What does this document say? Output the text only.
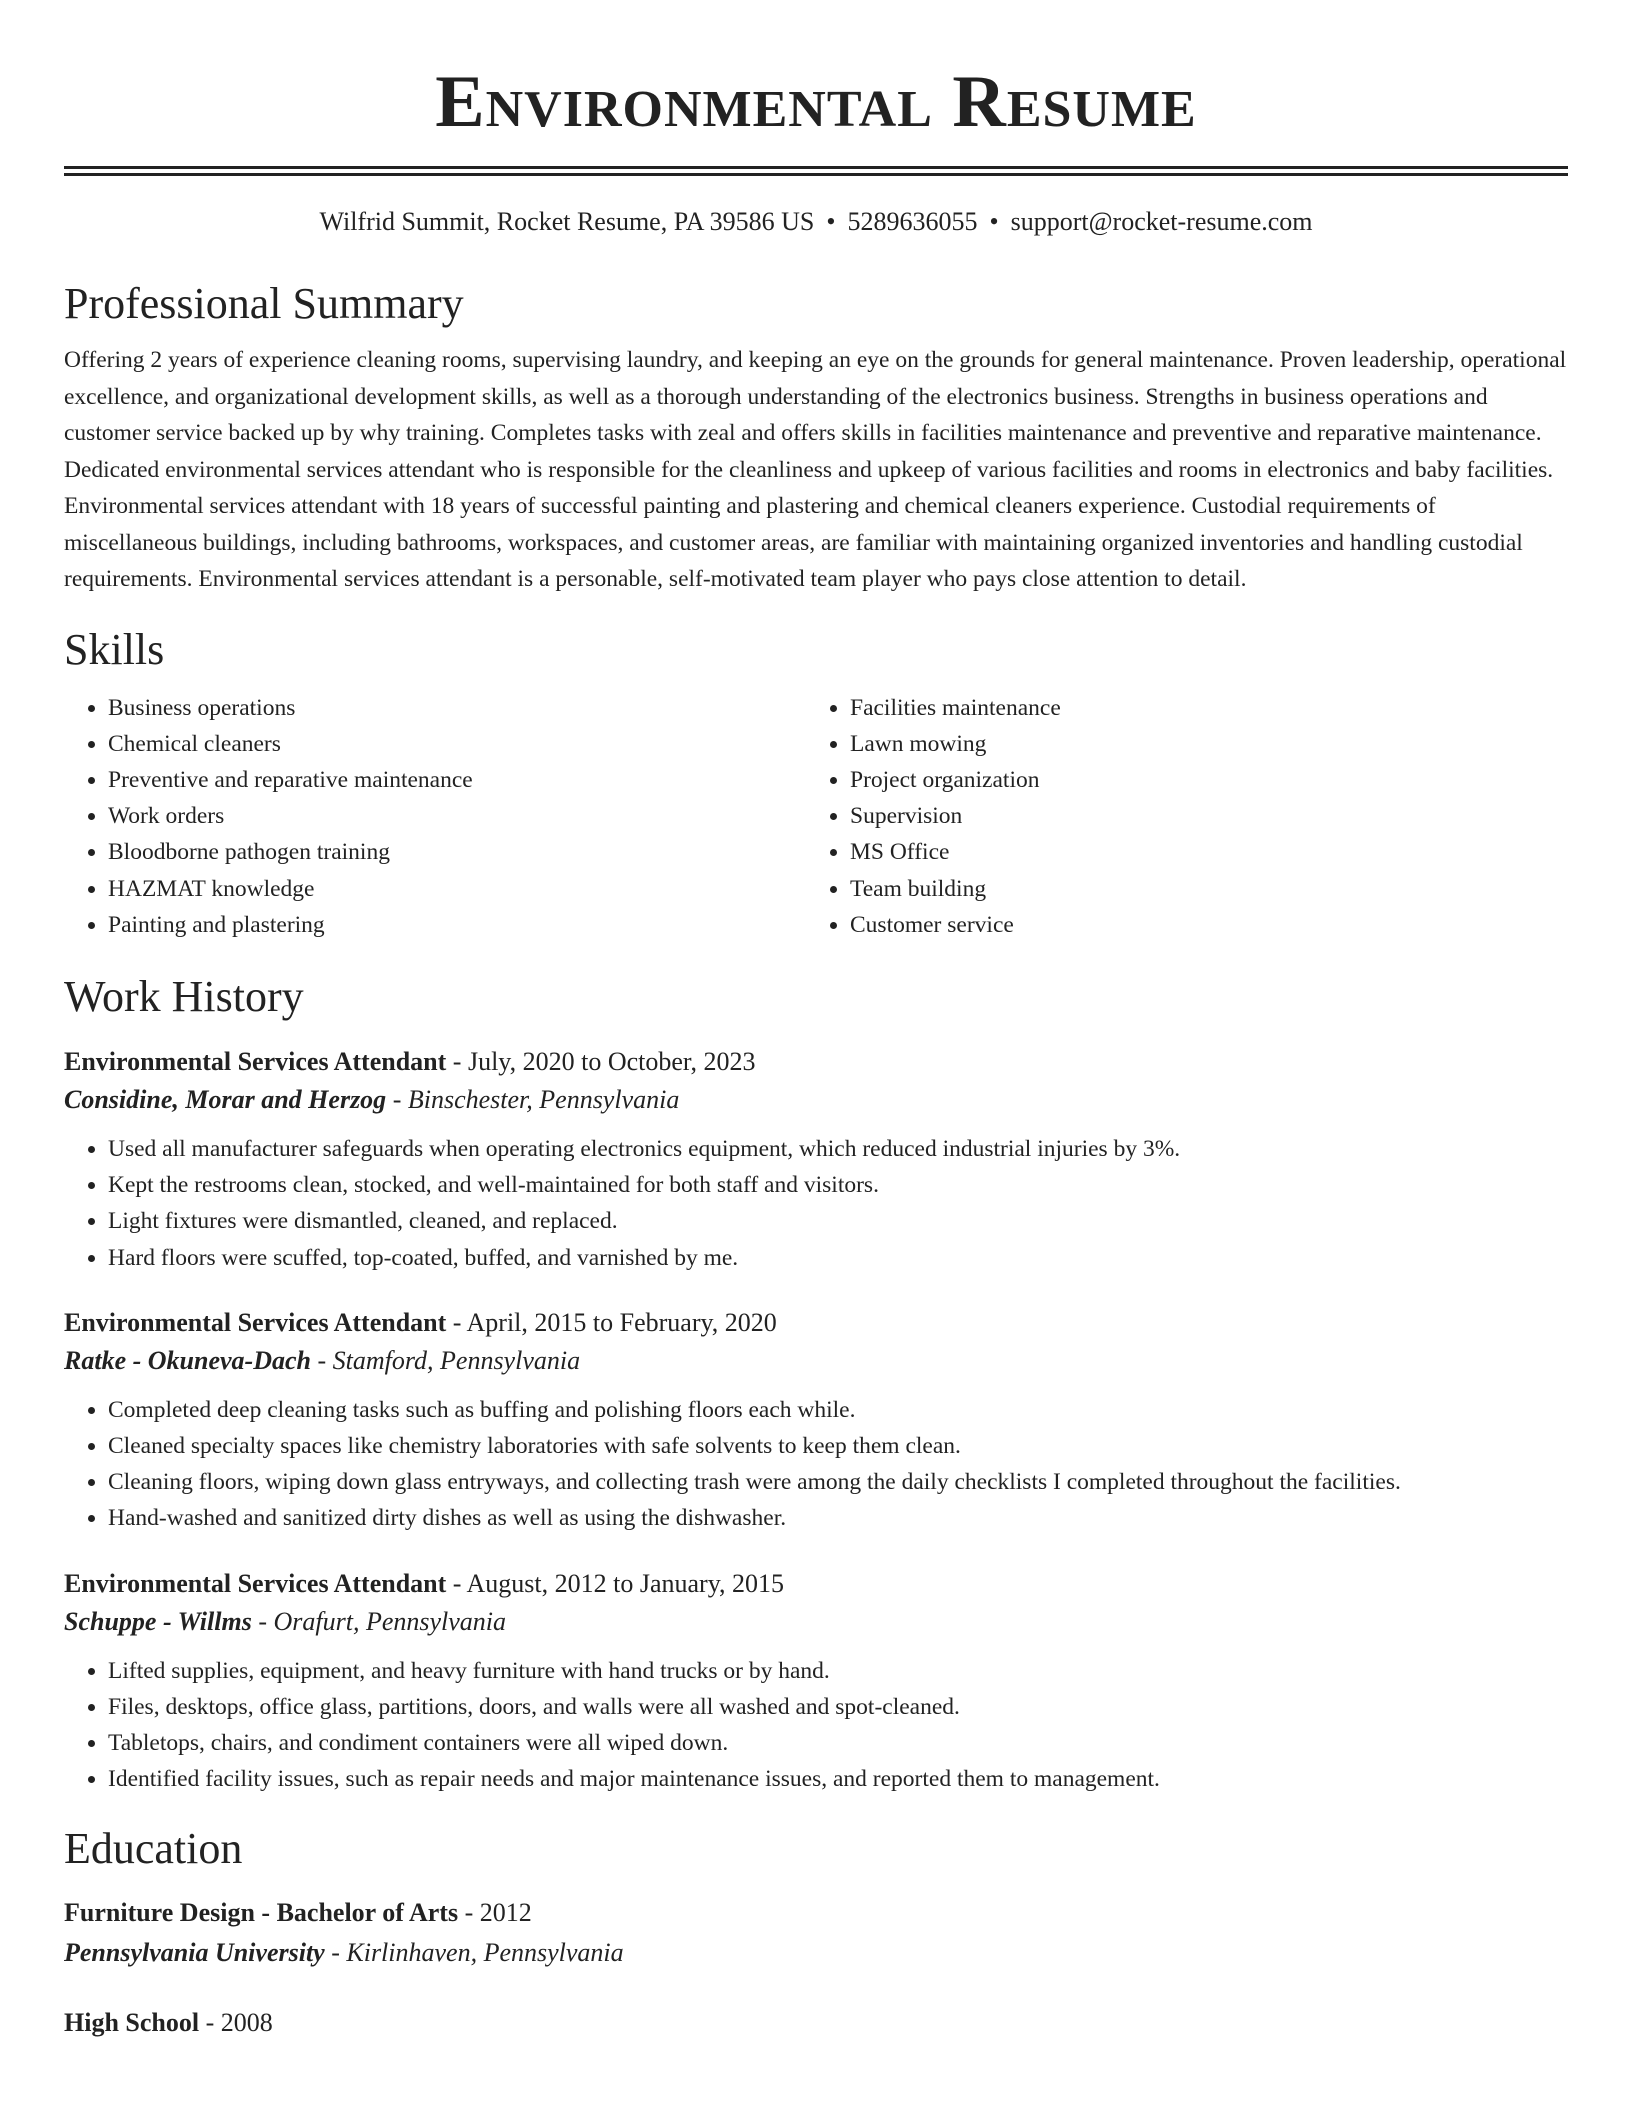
Environmental Resume
Wilfrid Summit, Rocket Resume, PA 39586 US • 5289636055 • support@rocket-resume.com
Professional Summary

Offering 2 years of experience cleaning rooms, supervising laundry, and keeping an eye on the grounds for general maintenance. Proven leadership, operational excellence, and organizational development skills, as well as a thorough understanding of the electronics business. Strengths in business operations and customer service backed up by why training. Completes tasks with zeal and offers skills in facilities maintenance and preventive and reparative maintenance. Dedicated environmental services attendant who is responsible for the cleanliness and upkeep of various facilities and rooms in electronics and baby facilities. Environmental services attendant with 18 years of successful painting and plastering and chemical cleaners experience. Custodial requirements of miscellaneous buildings, including bathrooms, workspaces, and customer areas, are familiar with maintaining organized inventories and handling custodial requirements. Environmental services attendant is a personable, self-motivated team player who pays close attention to detail.

Skills
• Business operations
• Chemical cleaners
• Preventive and reparative maintenance
• Work orders
• Bloodborne pathogen training
• HAZMAT knowledge
• Painting and plastering
• Facilities maintenance
• Lawn mowing
• Project organization
• Supervision
• MS Office
• Team building
• Customer service
Work History
Environmental Services Attendant - July, 2020 to October, 2023
Considine, Morar and Herzog - Binschester, Pennsylvania
• Used all manufacturer safeguards when operating electronics equipment, which reduced industrial injuries by 3%.
• Kept the restrooms clean, stocked, and well-maintained for both staff and visitors.
• Light fixtures were dismantled, cleaned, and replaced.
• Hard floors were scuffed, top-coated, buffed, and varnished by me.
Environmental Services Attendant - April, 2015 to February, 2020
Ratke - Okuneva-Dach - Stamford, Pennsylvania
• Completed deep cleaning tasks such as buffing and polishing floors each while.
• Cleaned specialty spaces like chemistry laboratories with safe solvents to keep them clean.
• Cleaning floors, wiping down glass entryways, and collecting trash were among the daily checklists I completed throughout the facilities.
• Hand-washed and sanitized dirty dishes as well as using the dishwasher.
Environmental Services Attendant - August, 2012 to January, 2015
Schuppe - Willms - Orafurt, Pennsylvania
• Lifted supplies, equipment, and heavy furniture with hand trucks or by hand.
• Files, desktops, office glass, partitions, doors, and walls were all washed and spot-cleaned.
• Tabletops, chairs, and condiment containers were all wiped down.
• Identified facility issues, such as repair needs and major maintenance issues, and reported them to management.
Education
Furniture Design - Bachelor of Arts - 2012
Pennsylvania University - Kirlinhaven, Pennsylvania
High School - 2008
